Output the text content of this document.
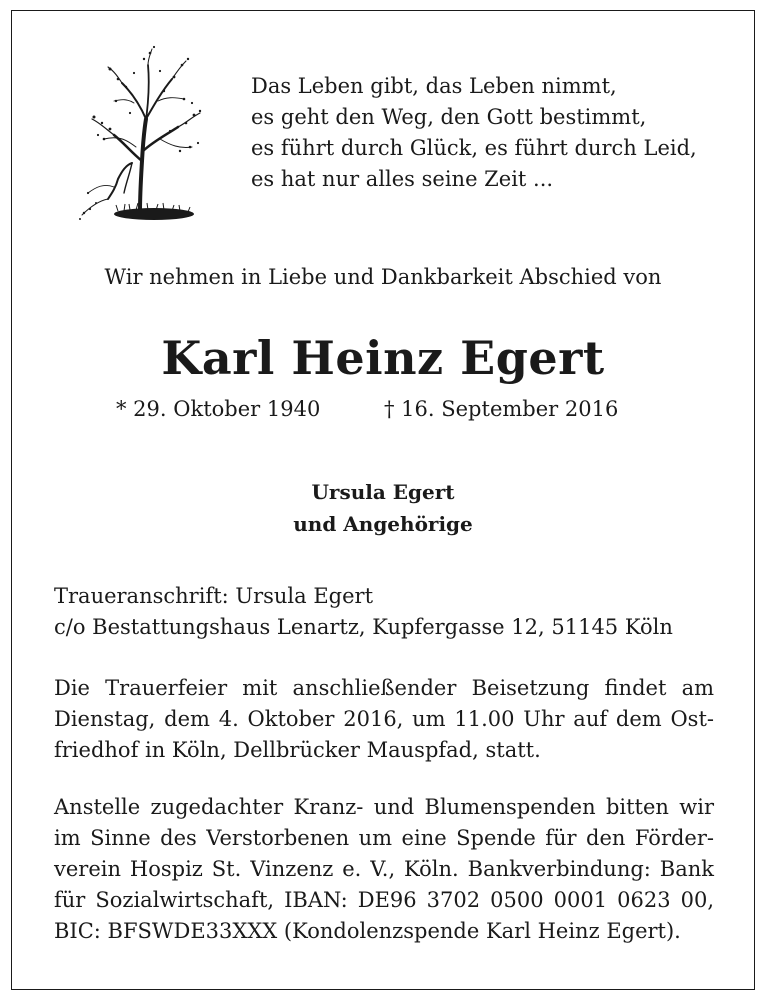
Das Leben gibt, das Leben nimmt,
es geht den Weg, den Gott bestimmt,
es führt durch Glück, es führt durch Leid,
es hat nur alles seine Zeit ...
Wir nehmen in Liebe und Dankbarkeit Abschied von
Karl Heinz Egert
* 29. Oktober 1940	† 16. September 2016
Ursula Egert
und Angehörige
Traueranschrift: Ursula Egert
c/o Bestattungshaus Lenartz, Kupfergasse 12, 51145 Köln
Die Trauerfeier mit anschließender Beisetzung findet am Dienstag, dem 4. Oktober 2016, um 11.00 Uhr auf dem Ost-friedhof in Köln, Dellbrücker Mauspfad, statt.
Anstelle zugedachter Kranz- und Blumenspenden bitten wir im Sinne des Verstorbenen um eine Spende für den Förder-verein Hospiz St. Vinzenz e. V., Köln. Bankverbindung: Bank für Sozialwirtschaft, IBAN: DE96 3702 0500 0001 0623 00, BIC: BFSWDE33XXX (Kondolenzspende Karl Heinz Egert).
